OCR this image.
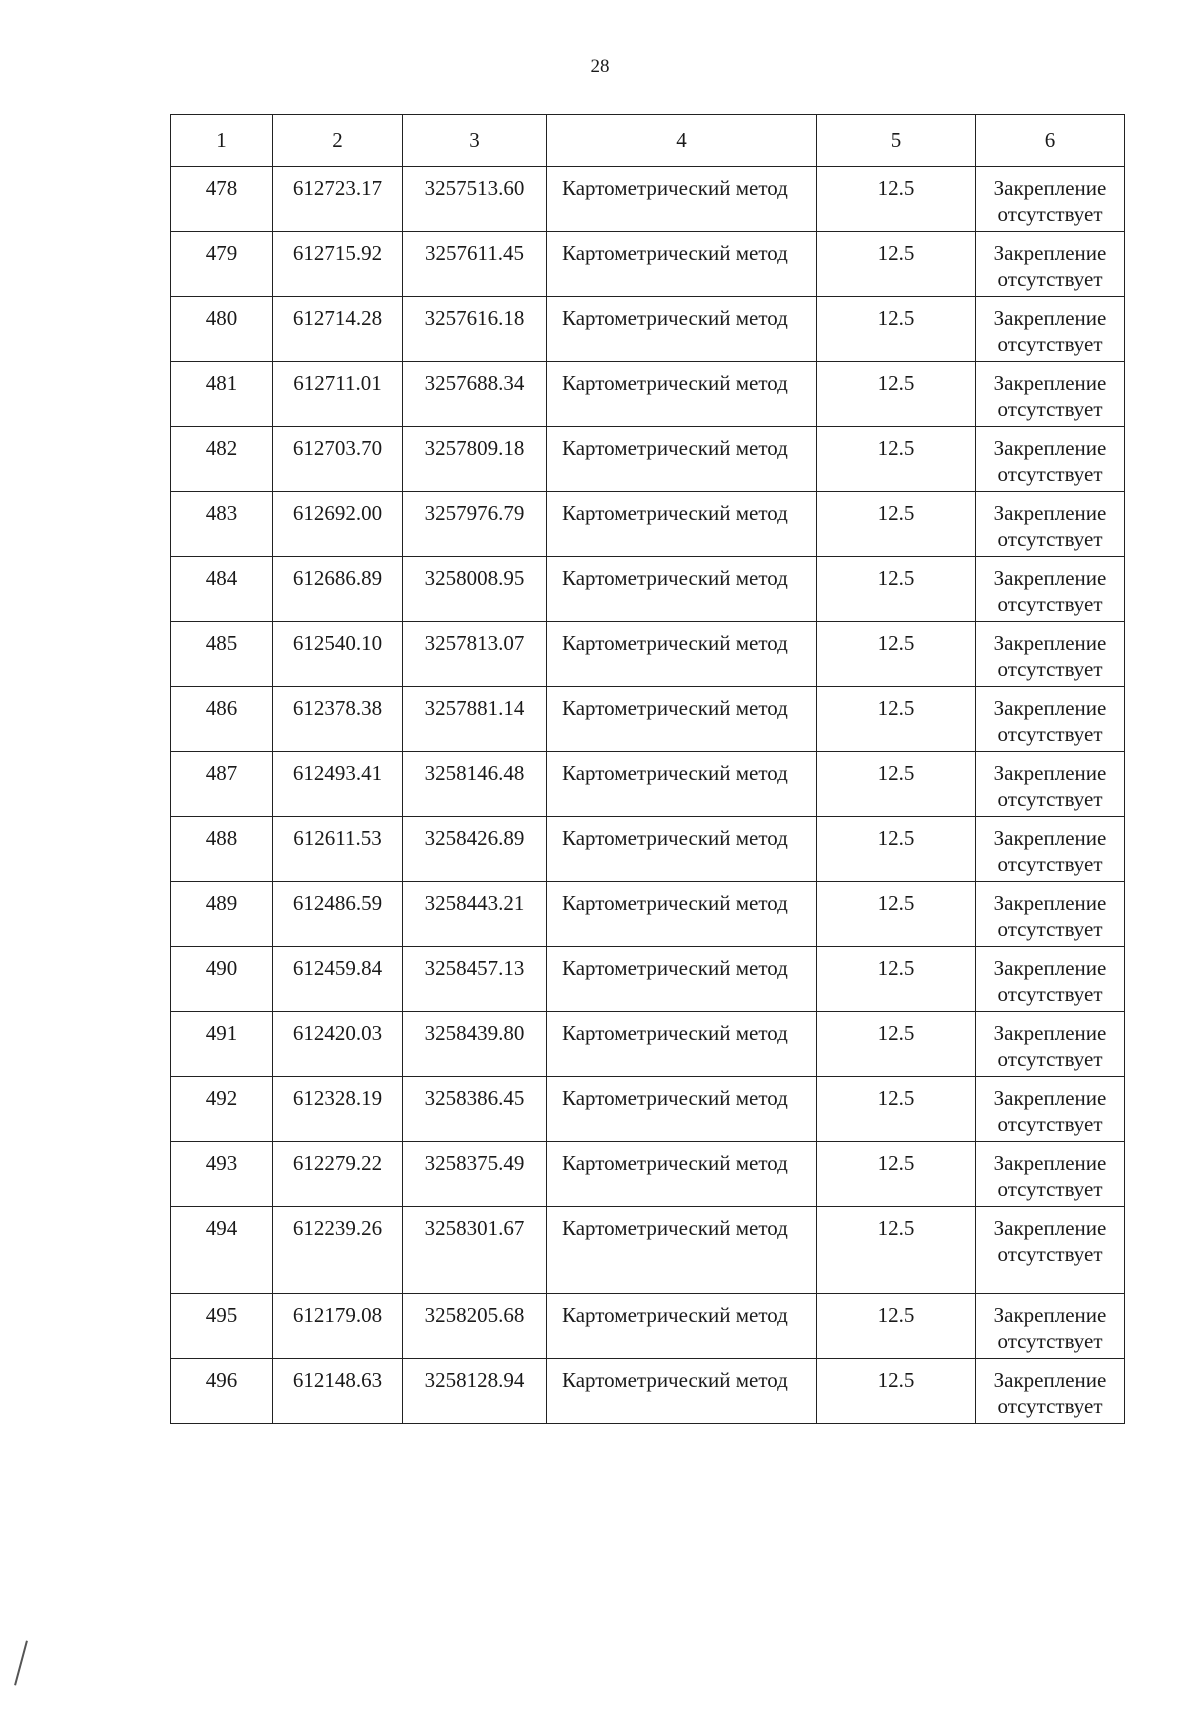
28
1	2	3	4	5	6
478	612723.17	3257513.60	Картометрический метод	12.5	Закрепление
отсутствует

479	612715.92	3257611.45	Картометрический метод	12.5	Закрепление
отсутствует

480	612714.28	3257616.18	Картометрический метод	12.5	Закрепление
отсутствует

481	612711.01	3257688.34	Картометрический метод	12.5	Закрепление
отсутствует

482	612703.70	3257809.18	Картометрический метод	12.5	Закрепление
отсутствует

483	612692.00	3257976.79	Картометрический метод	12.5	Закрепление
отсутствует

484	612686.89	3258008.95	Картометрический метод	12.5	Закрепление
отсутствует

485	612540.10	3257813.07	Картометрический метод	12.5	Закрепление
отсутствует

486	612378.38	3257881.14	Картометрический метод	12.5	Закрепление
отсутствует

487	612493.41	3258146.48	Картометрический метод	12.5	Закрепление
отсутствует

488	612611.53	3258426.89	Картометрический метод	12.5	Закрепление
отсутствует

489	612486.59	3258443.21	Картометрический метод	12.5	Закрепление
отсутствует

490	612459.84	3258457.13	Картометрический метод	12.5	Закрепление
отсутствует

491	612420.03	3258439.80	Картометрический метод	12.5	Закрепление
отсутствует

492	612328.19	3258386.45	Картометрический метод	12.5	Закрепление
отсутствует

493	612279.22	3258375.49	Картометрический метод	12.5	Закрепление
отсутствует

494	612239.26	3258301.67	Картометрический метод	12.5	Закрепление
отсутствует

495	612179.08	3258205.68	Картометрический метод	12.5	Закрепление
отсутствует

496	612148.63	3258128.94	Картометрический метод	12.5	Закрепление
отсутствует
